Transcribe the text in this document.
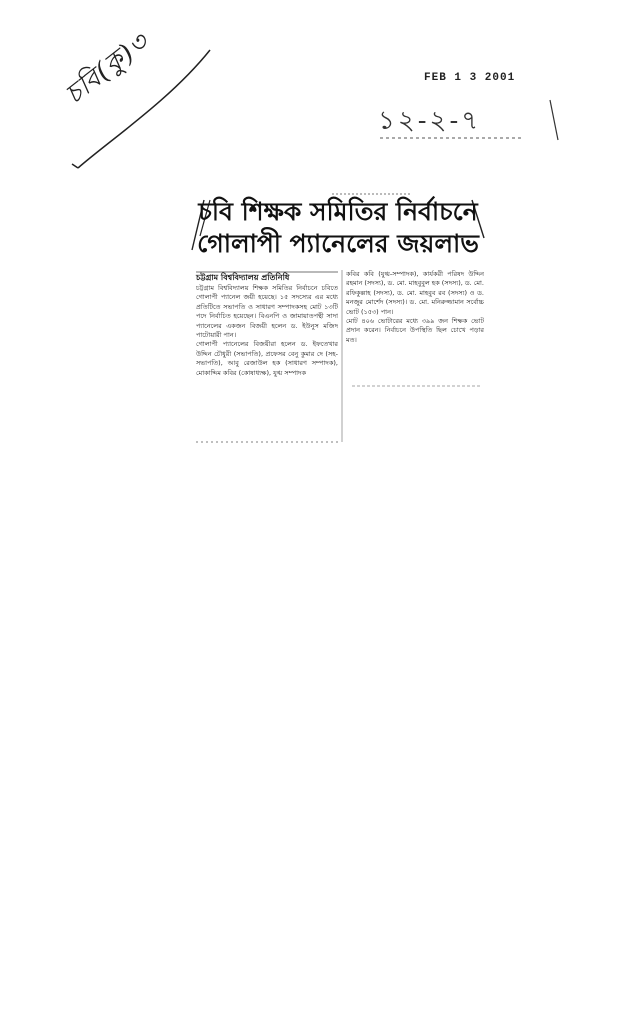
চবি(কু)৩	FEB 1 3 2001
১২-২-৭
চবি শিক্ষক সমিতির নির্বাচনে
গোলাপী প্যানেলের জয়লাভ
চট্টগ্রাম বিশ্ববিদ্যালয় প্রতিনিধি

চট্টগ্রাম বিশ্ববিদ্যালয় শিক্ষক সমিতির নির্বাচনে চবিতে গোলাপী প্যানেল জয়ী হয়েছে। ১৫ সদস্যের এর মধ্যে প্রতিটিতে সভাপতি ও সাধারণ সম্পাদকসহ মোট ১৩টি পদে নির্বাচিত হয়েছেন। বিএনপি ও জামায়াতপন্থী সাদা প্যানেলের একজন বিজয়ী হলেন ড. ইউনুস মজিদ পাটোয়ারী পান।

গোলাপী প্যানেলের বিজয়ীরা হলেন ড. ইফতেখার উদ্দিন চৌধুরী (সভাপতি), প্রফেসর বেনু কুমার দে (সহ-সভাপতি), আবু রেজাউল হক (সাধারণ সম্পাদক), মোকাদ্দিম কবির (কোষাধ্যক্ষ), যুগ্ম সম্পাদক

কবির কবি (যুগ্ম-সম্পাদক), কার্যকরী পরিষদ উদ্দিন রহমান (সদস্য), ড. মো. মাহবুবুল হক (সদস্য), ড. মো. রফিকুল্লাহ (সদস্য), ড. মো. মাহবুব রব (সদস্য) ও ড. মনজুর মোর্শেদ (সদস্য)। ড. মো. মনিরুজ্জামান সর্বোচ্চ ভোট (১৫৩) পান।

মোট ৪০৬ ভোটারের মধ্যে ৩৯৯ জন শিক্ষক ভোট প্রদান করেন। নির্বাচনে উপস্থিতি ছিল চোখে পড়ার মত।
